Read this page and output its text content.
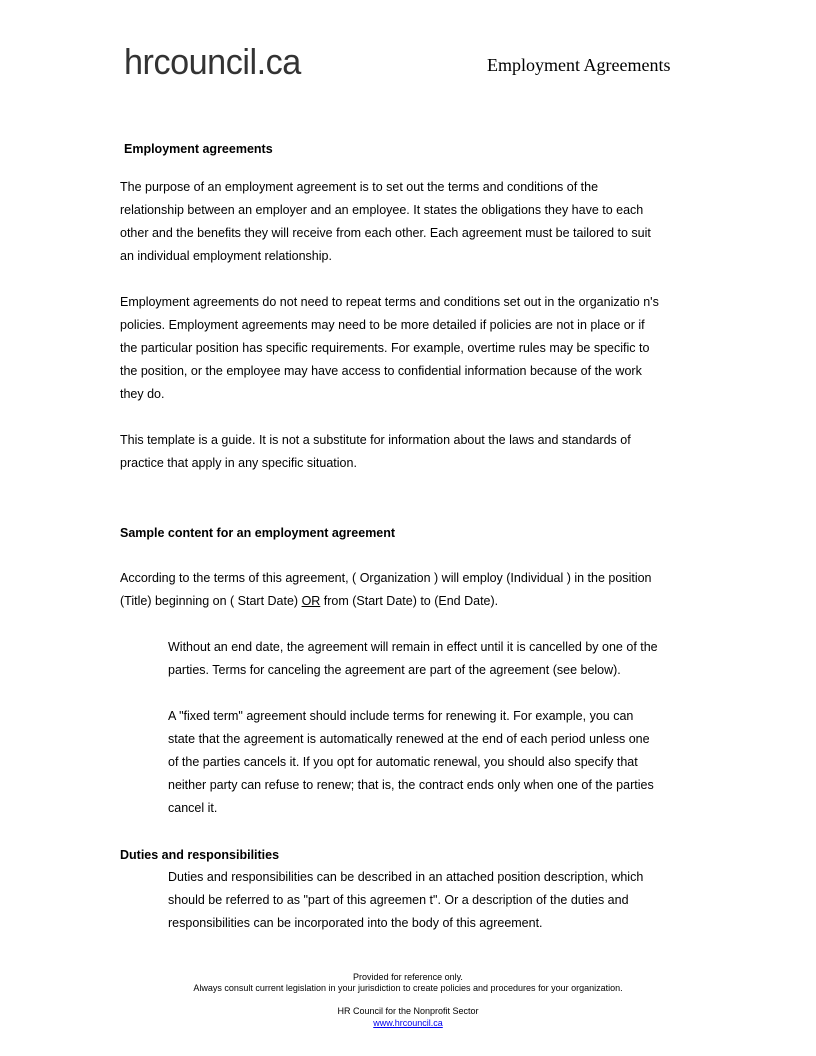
hrcouncil.ca	Employment Agreements
Employment agreements
The purpose of an employment agreement is to set out the terms and conditions of the
relationship between an employer and an employee. It states the obligations they have to each
other and the benefits they will receive from each other. Each agreement must be tailored to suit
an individual employment relationship.
Employment agreements do not need to repeat terms and conditions set out in the organizatio n's
policies. Employment agreements may need to be more detailed if policies are not in place or if
the particular position has specific requirements. For example, overtime rules may be specific to
the position, or the employee may have access to confidential information because of the work
they do.
This template is a guide. It is not a substitute for information about the laws and standards of
practice that apply in any specific situation.
Sample content for an employment agreement
According to the terms of this agreement, ( Organization ) will employ (Individual ) in the position
(Title) beginning on ( Start Date) OR from (Start Date) to (End Date).
Without an end date, the agreement will remain in effect until it is cancelled by one of the
parties. Terms for canceling the agreement are part of the agreement (see below).
A "fixed term" agreement should include terms for renewing it. For example, you can
state that the agreement is automatically renewed at the end of each period unless one
of the parties cancels it. If you opt for automatic renewal, you should also specify that
neither party can refuse to renew; that is, the contract ends only when one of the parties
cancel it.
Duties and responsibilities
Duties and responsibilities can be described in an attached position description, which
should be referred to as "part of this agreemen t". Or a description of the duties and
responsibilities can be incorporated into the body of this agreement.
Provided for reference only.
Always consult current legislation in your jurisdiction to create policies and procedures for your organization.
HR Council for the Nonprofit Sector
www.hrcouncil.ca
